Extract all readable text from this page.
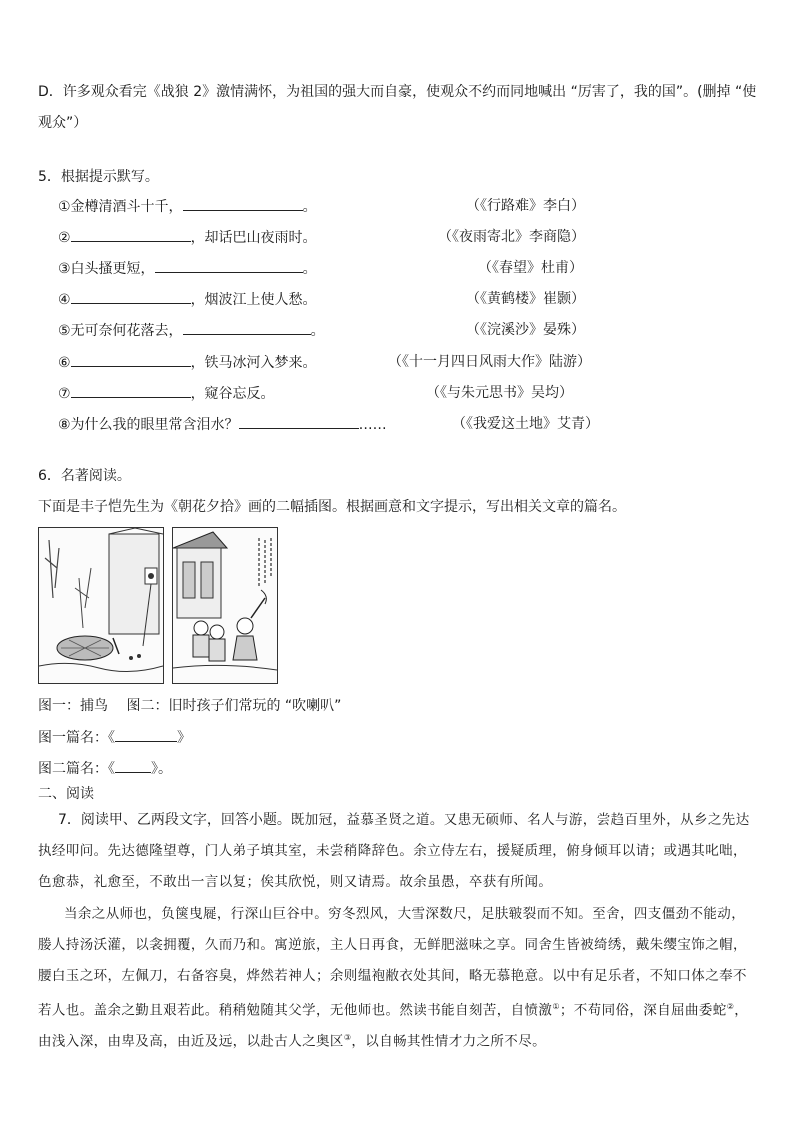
D．许多观众看完《战狼 2》激情满怀，为祖国的强大而自豪，使观众不约而同地喊出 “厉害了，我的国”。(删掉 “使
观众”）
5．根据提示默写。
①金樽清酒斗十千，	。	（《行路难》李白）
②	，却话巴山夜雨时。	（《夜雨寄北》李商隐）
③白头搔更短，	。	（《春望》杜甫）
④	，烟波江上使人愁。	（《黄鹤楼》崔颢）
⑤无可奈何花落去，	。	（《浣溪沙》晏殊）
⑥	，铁马冰河入梦来。	（《十一月四日风雨大作》陆游）
⑦	，窥谷忘反。	（《与朱元思书》吴均）
⑧为什么我的眼里常含泪水？	……	（《我爱这土地》艾青）
6．名著阅读。
下面是丰子恺先生为《朝花夕拾》画的二幅插图。根据画意和文字提示，写出相关文章的篇名。
图一：捕鸟　 图二：旧时孩子们常玩的 “吹喇叭”
图一篇名：《	》
图二篇名：《	》。
二、阅读
7．阅读甲、乙两段文字，回答小题。既加冠，益慕圣贤之道。又患无硕师、名人与游，尝趋百里外，从乡之先达
执经叩问。先达德隆望尊，门人弟子填其室，未尝稍降辞色。余立侍左右，援疑质理，俯身倾耳以请；或遇其叱咄，
色愈恭，礼愈至，不敢出一言以复；俟其欣悦，则又请焉。故余虽愚，卒获有所闻。
当余之从师也，负箧曳屣，行深山巨谷中。穷冬烈风，大雪深数尺，足肤皲裂而不知。至舍，四支僵劲不能动，
媵人持汤沃灌，以衾拥覆，久而乃和。寓逆旅，主人日再食，无鲜肥滋味之享。同舍生皆被绮绣，戴朱缨宝饰之帽，
腰白玉之环，左佩刀，右备容臭，烨然若神人；余则缊袍敝衣处其间，略无慕艳意。以中有足乐者，不知口体之奉不
若人也。盖余之勤且艰若此。稍稍勉随其父学，无他师也。然读书能自刻苦，自愤激①；不苟同俗，深自屈曲委蛇②，
由浅入深，由卑及高，由近及远，以赴古人之奥区③，以自畅其性情才力之所不尽。
